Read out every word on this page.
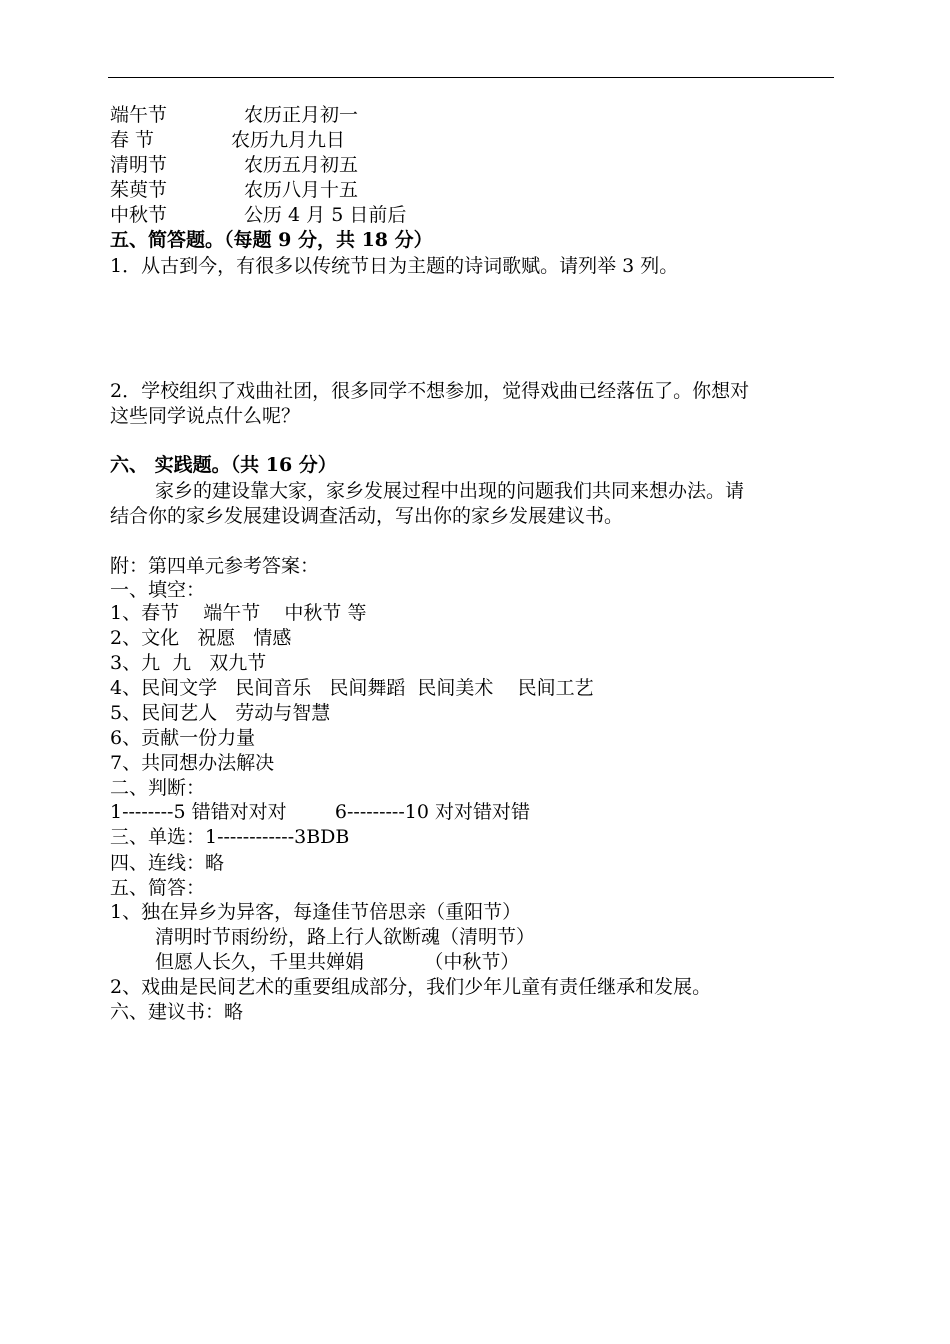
端午节	农历正月初一
春 节	农历九月九日
清明节	农历五月初五
茱萸节	农历八月十五
中秋节	公历 4 月 5 日前后
五、简答题。（每题 9 分，共 18 分）
1．从古到今，有很多以传统节日为主题的诗词歌赋。请列举 3 列。
2．学校组织了戏曲社团，很多同学不想参加，觉得戏曲已经落伍了。你想对
这些同学说点什么呢？
六、 实践题。（共 16 分）
家乡的建设靠大家，家乡发展过程中出现的问题我们共同来想办法。请
结合你的家乡发展建设调查活动，写出你的家乡发展建议书。
附：第四单元参考答案：
一、填空：
1、春节    端午节    中秋节 等
2、文化   祝愿   情感
3、九  九   双九节
4、民间文学   民间音乐   民间舞蹈  民间美术    民间工艺
5、民间艺人   劳动与智慧
6、贡献一份力量
7、共同想办法解决
二、判断：
1--------5 错错对对对        6---------10 对对错对错
三、单选：1------------3BDB
四、连线：略
五、简答：
1、独在异乡为异客，每逢佳节倍思亲（重阳节）
清明时节雨纷纷，路上行人欲断魂（清明节）
但愿人长久，千里共婵娟          （中秋节）
2、戏曲是民间艺术的重要组成部分，我们少年儿童有责任继承和发展。
六、建议书：略
